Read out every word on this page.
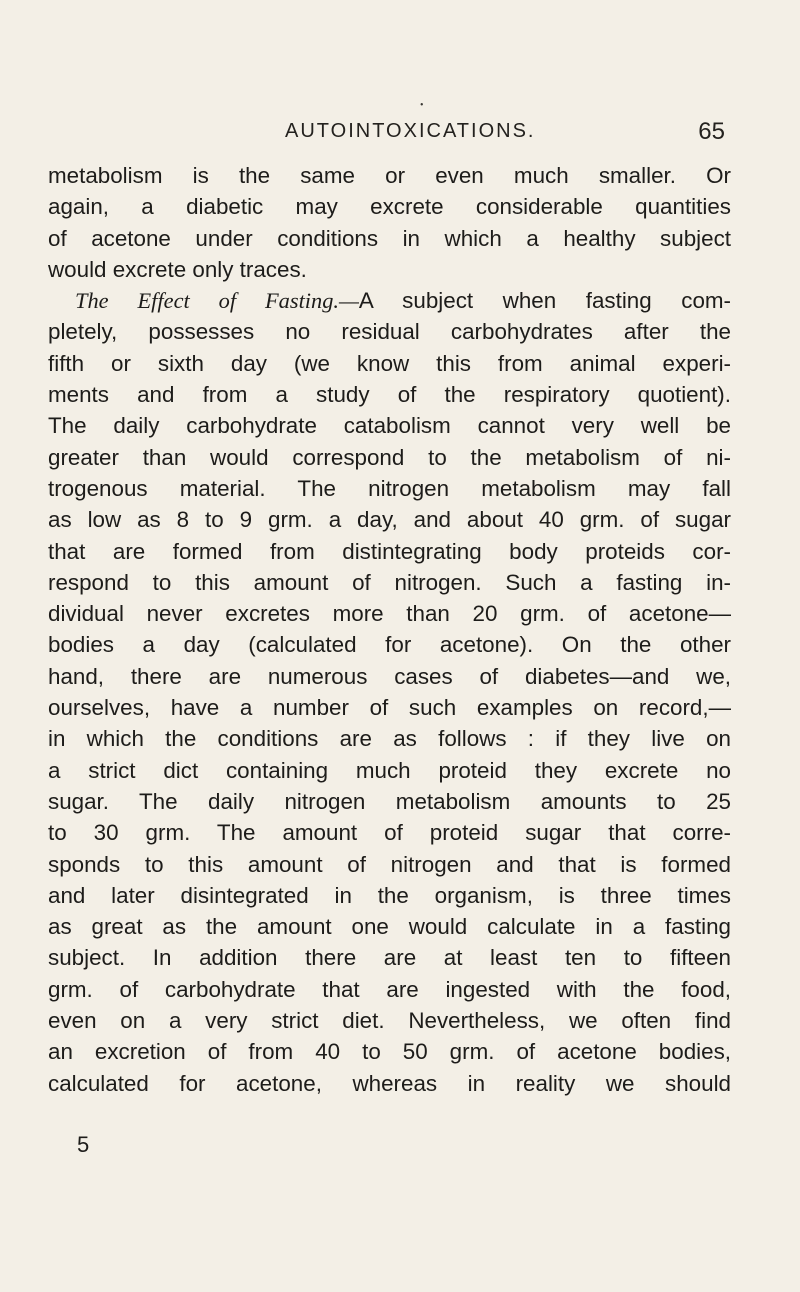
•
AUTOINTOXICATIONS.	65
metabolism is the same or even much smaller. Or
again, a diabetic may excrete considerable quantities
of acetone under conditions in which a healthy subject
would excrete only traces.
The Effect of Fasting.—A subject when fasting com-
pletely, possesses no residual carbohydrates after the
fifth or sixth day (we know this from animal experi-
ments and from a study of the respiratory quotient).
The daily carbohydrate catabolism cannot very well be
greater than would correspond to the metabolism of ni-
trogenous material. The nitrogen metabolism may fall
as low as 8 to 9 grm. a day, and about 40 grm. of sugar
that are formed from distintegrating body proteids cor-
respond to this amount of nitrogen. Such a fasting in-
dividual never excretes more than 20 grm. of acetone—
bodies a day (calculated for acetone). On the other
hand, there are numerous cases of diabetes—and we,
ourselves, have a number of such examples on record,—
in which the conditions are as follows : if they live on
a strict dict containing much proteid they excrete no
sugar. The daily nitrogen metabolism amounts to 25
to 30 grm. The amount of proteid sugar that corre-
sponds to this amount of nitrogen and that is formed
and later disintegrated in the organism, is three times
as great as the amount one would calculate in a fasting
subject. In addition there are at least ten to fifteen
grm. of carbohydrate that are ingested with the food,
even on a very strict diet. Nevertheless, we often find
an excretion of from 40 to 50 grm. of acetone bodies,
calculated for acetone, whereas in reality we should
5
